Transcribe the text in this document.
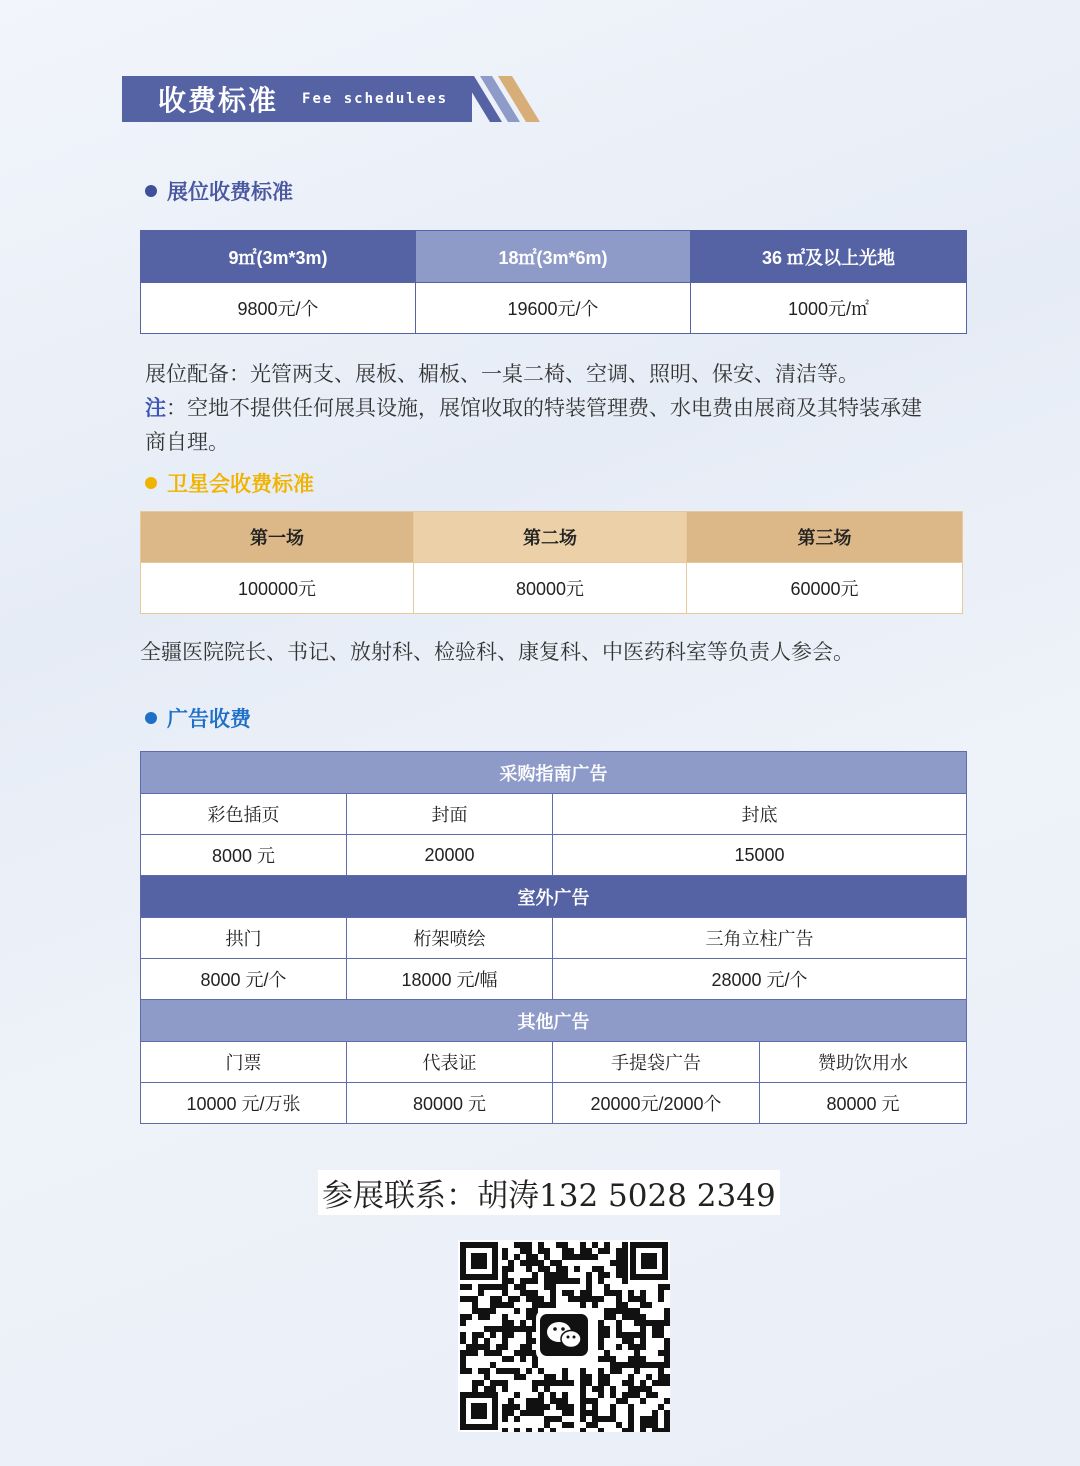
收费标准 Fee schedulees
展位收费标准
9㎡(3m*3m)	18㎡(3m*6m)	36 ㎡及以上光地
9800元/个	19600元/个	1000元/㎡
展位配备：光管两支、展板、楣板、一桌二椅、空调、照明、保安、清洁等。
注：空地不提供任何展具设施，展馆收取的特装管理费、水电费由展商及其特装承建
商自理。
卫星会收费标准
第一场	第二场	第三场
100000元	80000元	60000元
全疆医院院长、书记、放射科、检验科、康复科、中医药科室等负责人参会。
广告收费
采购指南广告			
彩色插页	封面	封底	
8000 元	20000	15000	
室外广告			
拱门	桁架喷绘	三角立柱广告	
8000 元/个	18000 元/幅	28000 元/个	
其他广告			
门票	代表证	手提袋广告	赞助饮用水
10000 元/万张	80000 元	20000元/2000个	80000 元
参展联系：胡涛132 5028 2349
